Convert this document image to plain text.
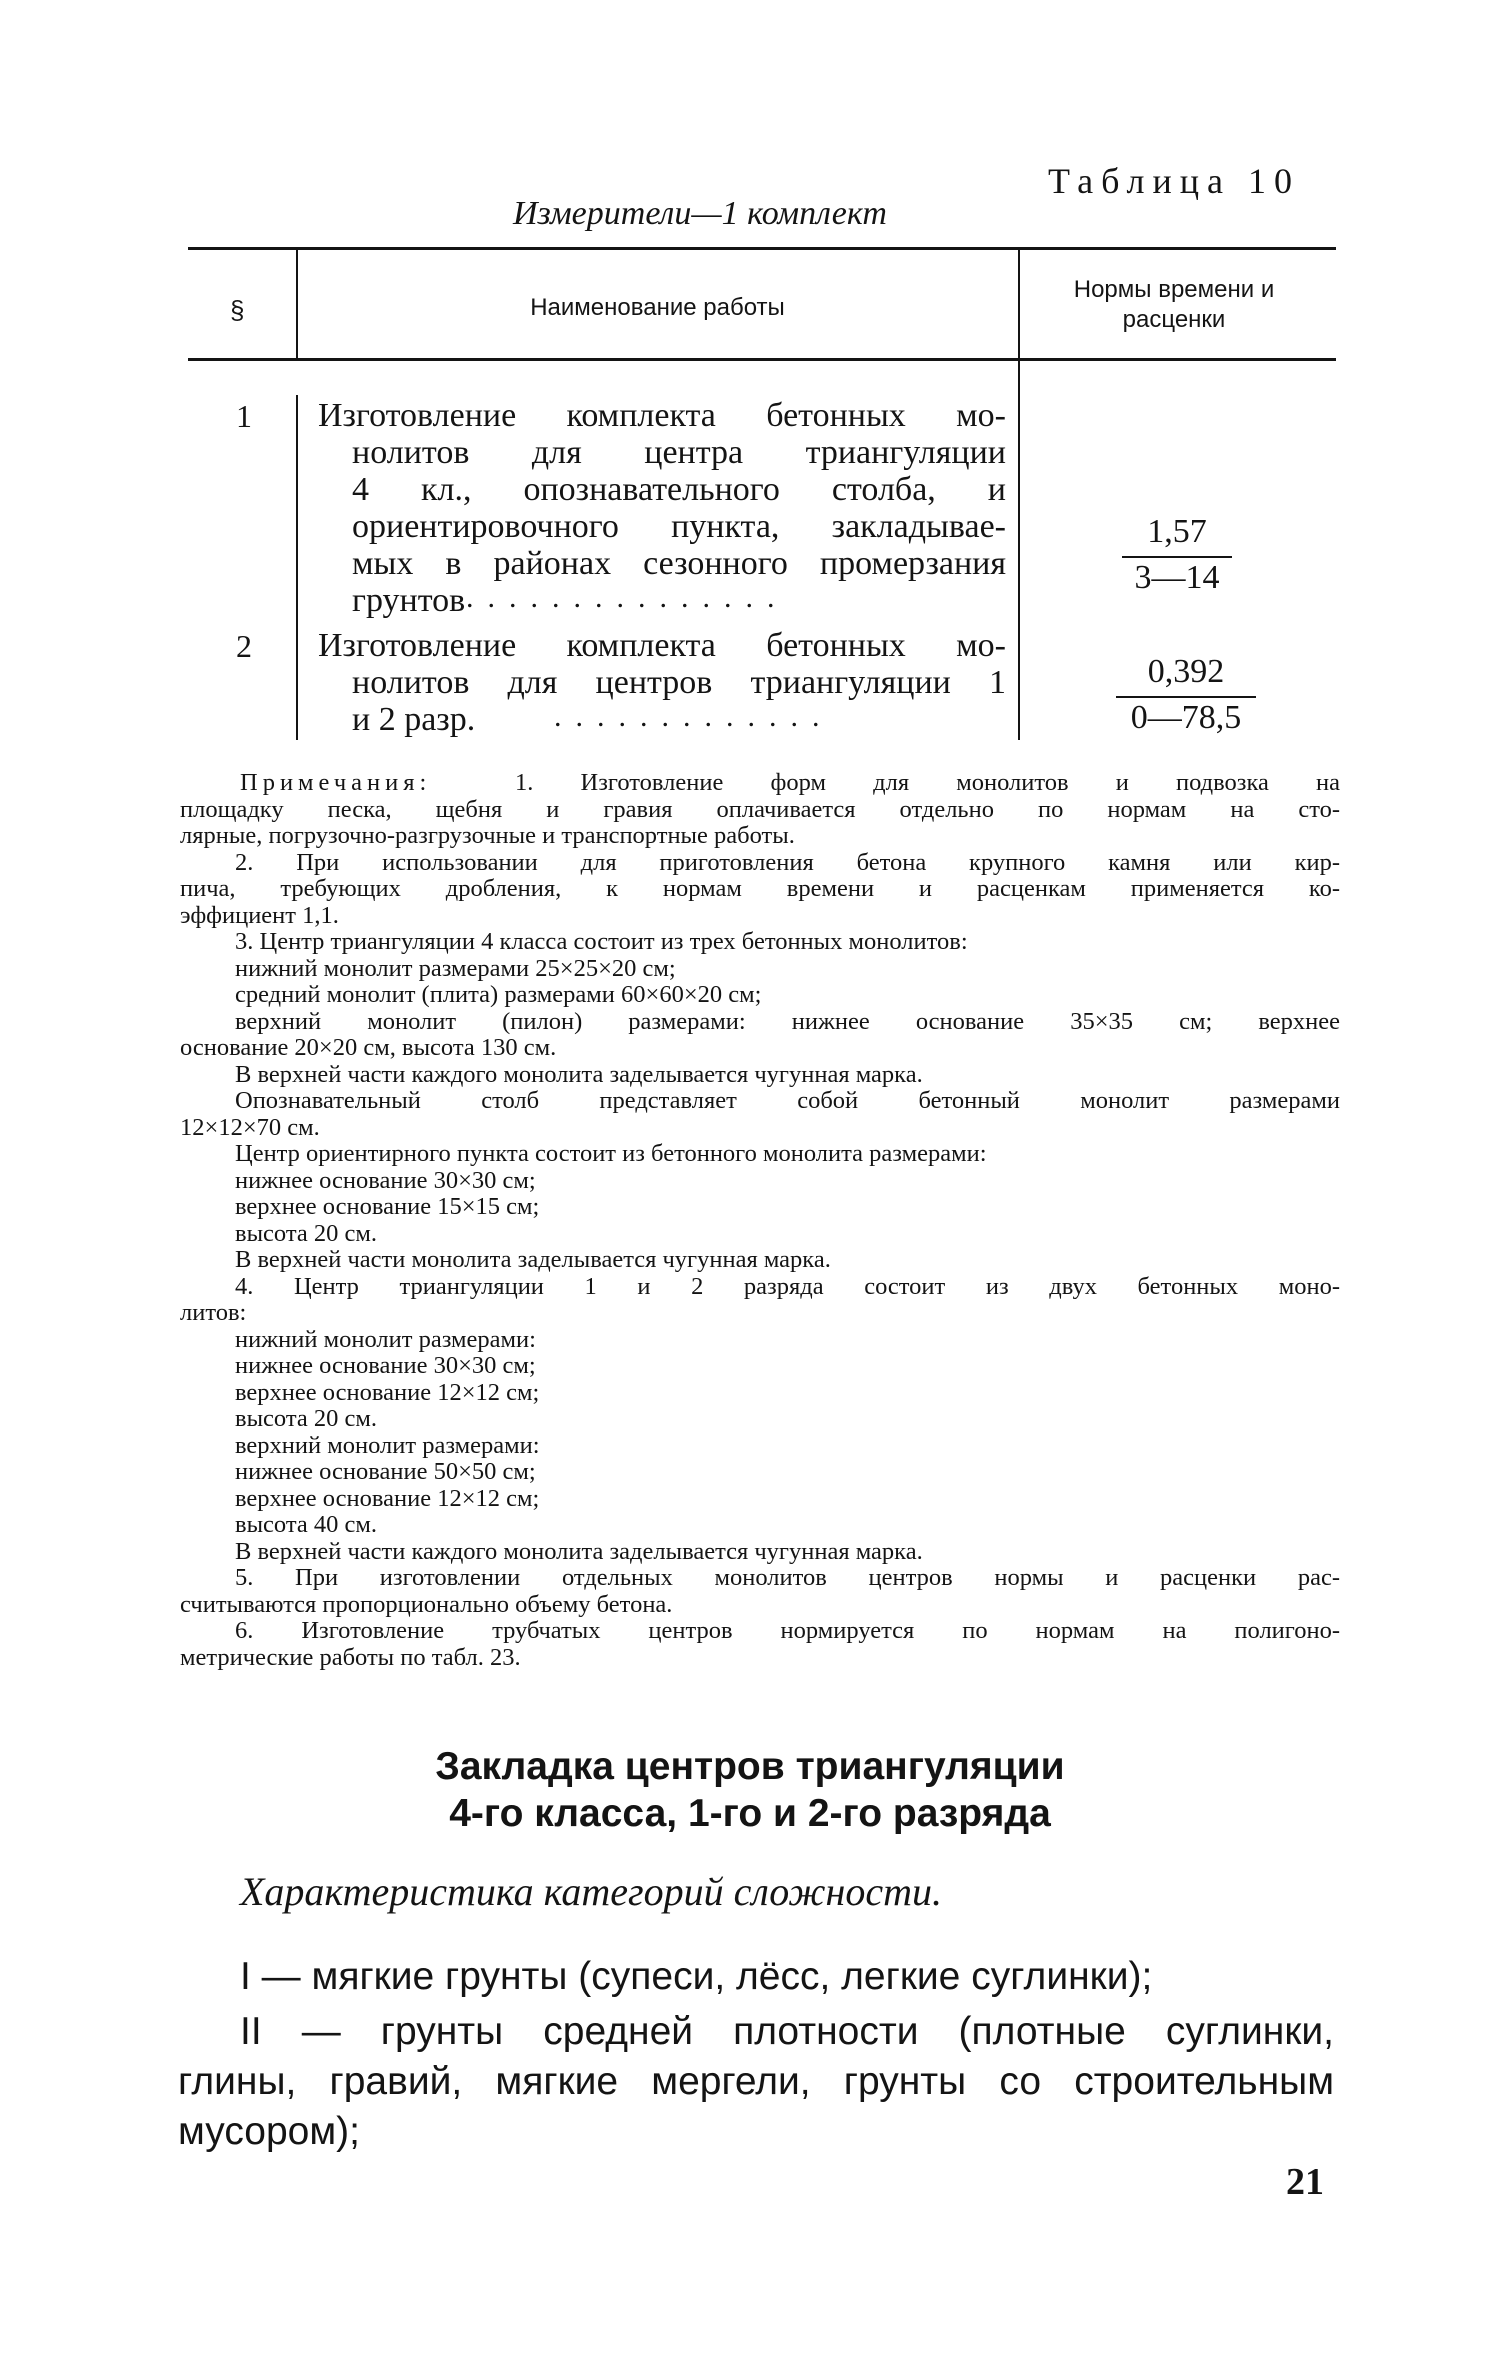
Таблица 10
Измерители—1 комплект
§	Наименование работы
Нормы времени и расценки
1 Изготовление комплекта бетонных мо-
нолитов для центра триангуляции
4 кл., опознавательного столба, и
ориентировочного пункта, закладывае-
мых в районах сезонного промерзания
грунтов ...............	$\frac{1,57}{3—14}$
2 Изготовление комплекта бетонных мо-
нолитов для центров триангуляции 1
и 2 разр.	.............	$\frac{0,392}{0—78,5}$
Примечания:	1. Изготовление форм для монолитов и подвозка на
площадку песка, щебня и гравия оплачивается отдельно по нормам на сто-
лярные, погрузочно-разгрузочные и транспортные работы.
2. При использовании для приготовления бетона крупного камня или кир-
пича, требующих дробления, к нормам времени и расценкам применяется ко-
эффициент 1,1.
3. Центр триангуляции 4 класса состоит из трех бетонных монолитов:
нижний монолит размерами 25×25×20 см;
средний монолит (плита) размерами 60×60×20 см;
верхний монолит (пилон) размерами: нижнее основание 35×35 см; верхнее
основание 20×20 см, высота 130 см.
В верхней части каждого монолита заделывается чугунная марка.
Опознавательный столб представляет собой бетонный монолит размерами
12×12×70 см.
Центр ориентирного пункта состоит из бетонного монолита размерами:
нижнее основание 30×30 см;
верхнее основание 15×15 см;
высота 20 см.
В верхней части монолита заделывается чугунная марка.
4. Центр триангуляции 1 и 2 разряда состоит из двух бетонных моно-
литов:
нижний монолит размерами:
нижнее основание 30×30 см;
верхнее основание 12×12 см;
высота 20 см.
верхний монолит размерами:
нижнее основание 50×50 см;
верхнее основание 12×12 см;
высота 40 см.
В верхней части каждого монолита заделывается чугунная марка.
5. При изготовлении отдельных монолитов центров нормы и расценки рас-
считываются пропорционально объему бетона.
6. Изготовление трубчатых центров нормируется по нормам на полигоно-
метрические работы по табл. 23.
Закладка центров триангуляции
4-го класса, 1-го и 2-го разряда
Характеристика категорий сложности.
I — мягкие грунты (супеси, лёсс, легкие суглинки);
II — грунты средней плотности (плотные суглинки,
глины, гравий, мягкие мергели, грунты со строительным
мусором);
21
